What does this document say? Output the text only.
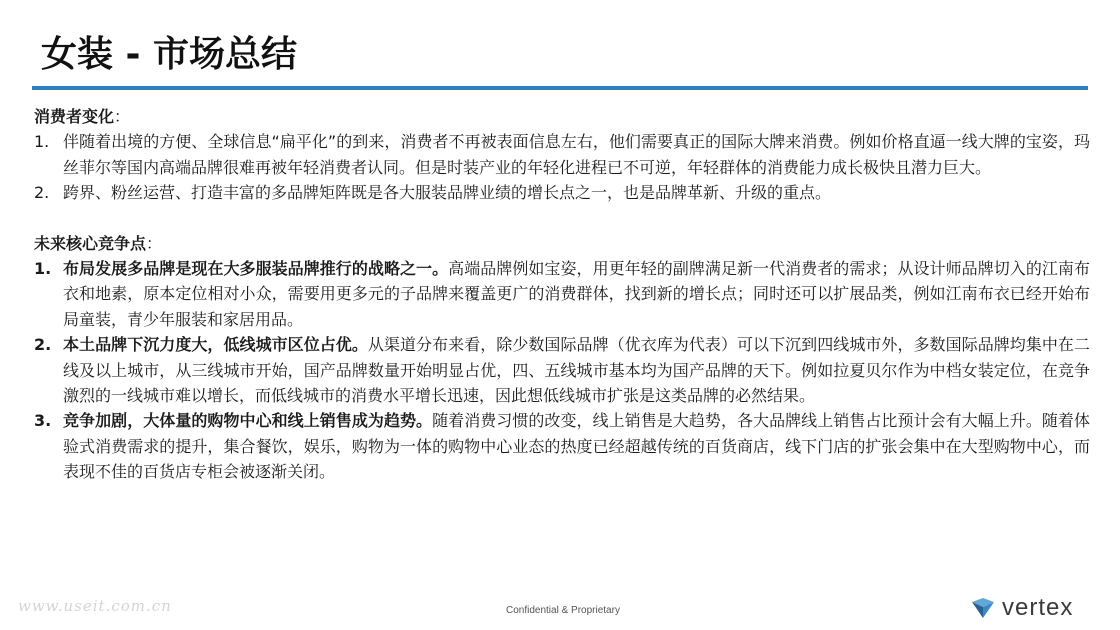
女装 - 市场总结
消费者变化：
1. 伴随着出境的方便、全球信息“扁平化”的到来，消费者不再被表面信息左右，他们需要真正的国际大牌来消费。例如价格直逼一线大牌的宝姿，玛丝菲尔等国内高端品牌很难再被年轻消费者认同。但是时装产业的年轻化进程已不可逆，年轻群体的消费能力成长极快且潜力巨大。
2. 跨界、粉丝运营、打造丰富的多品牌矩阵既是各大服装品牌业绩的增长点之一，也是品牌革新、升级的重点。
未来核心竞争点：
1. 布局发展多品牌是现在大多服装品牌推行的战略之一。高端品牌例如宝姿，用更年轻的副牌满足新一代消费者的需求；从设计师品牌切入的江南布衣和地素，原本定位相对小众，需要用更多元的子品牌来覆盖更广的消费群体，找到新的增长点；同时还可以扩展品类，例如江南布衣已经开始布局童装，青少年服装和家居用品。
2. 本土品牌下沉力度大，低线城市区位占优。从渠道分布来看，除少数国际品牌（优衣库为代表）可以下沉到四线城市外，多数国际品牌均集中在二线及以上城市，从三线城市开始，国产品牌数量开始明显占优，四、五线城市基本均为国产品牌的天下。例如拉夏贝尔作为中档女装定位，在竞争激烈的一线城市难以增长，而低线城市的消费水平增长迅速，因此想低线城市扩张是这类品牌的必然结果。
3. 竞争加剧，大体量的购物中心和线上销售成为趋势。随着消费习惯的改变，线上销售是大趋势，各大品牌线上销售占比预计会有大幅上升。随着体验式消费需求的提升，集合餐饮，娱乐，购物为一体的购物中心业态的热度已经超越传统的百货商店，线下门店的扩张会集中在大型购物中心，而表现不佳的百货店专柜会被逐渐关闭。
www.useit.com.cn	Confidential & Proprietary	vertex
